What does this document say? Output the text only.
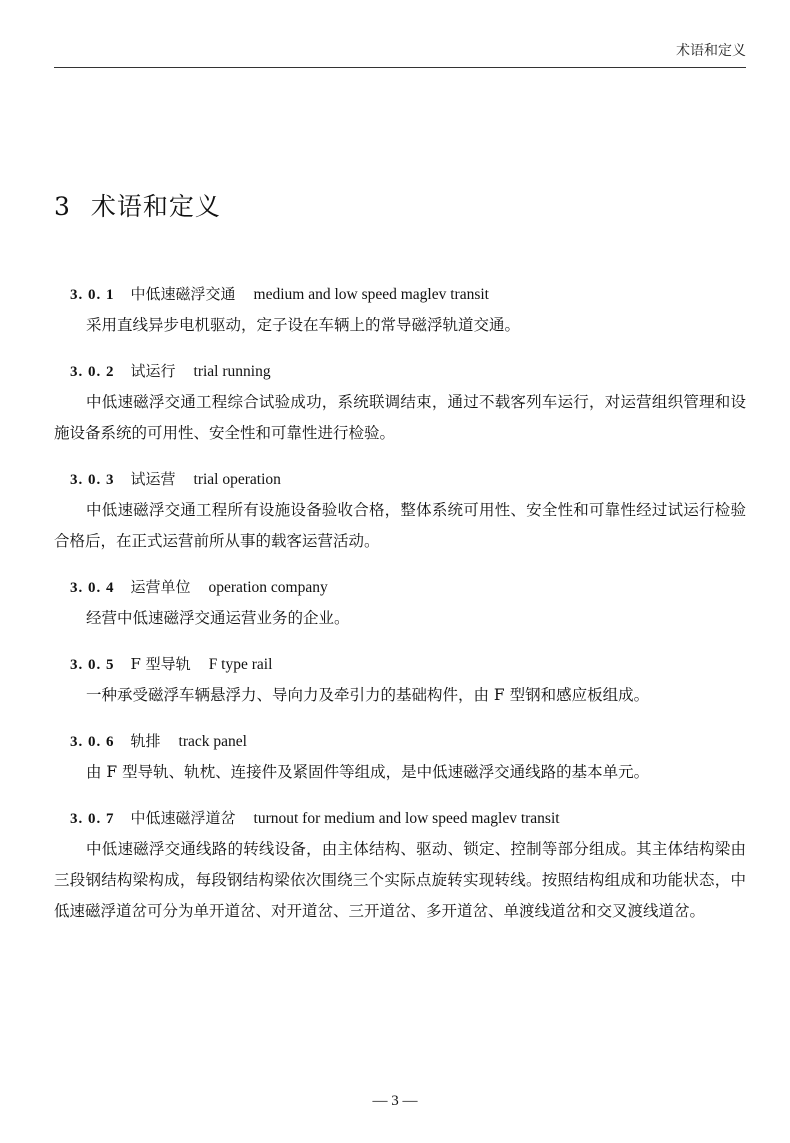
术语和定义
3 术语和定义
3. 0. 1 中低速磁浮交通 medium and low speed maglev transit

采用直线异步电机驱动，定子设在车辆上的常导磁浮轨道交通。

3. 0. 2 试运行 trial running

中低速磁浮交通工程综合试验成功，系统联调结束，通过不载客列车运行，对运营组织管理和设施设备系统的可用性、安全性和可靠性进行检验。

3. 0. 3 试运营 trial operation

中低速磁浮交通工程所有设施设备验收合格，整体系统可用性、安全性和可靠性经过试运行检验合格后，在正式运营前所从事的载客运营活动。

3. 0. 4 运营单位 operation company

经营中低速磁浮交通运营业务的企业。

3. 0. 5 F 型导轨 F type rail

一种承受磁浮车辆悬浮力、导向力及牵引力的基础构件，由 F 型钢和感应板组成。

3. 0. 6 轨排 track panel

由 F 型导轨、轨枕、连接件及紧固件等组成，是中低速磁浮交通线路的基本单元。

3. 0. 7 中低速磁浮道岔 turnout for medium and low speed maglev transit

中低速磁浮交通线路的转线设备，由主体结构、驱动、锁定、控制等部分组成。其主体结构梁由三段钢结构梁构成，每段钢结构梁依次围绕三个实际点旋转实现转线。按照结构组成和功能状态，中低速磁浮道岔可分为单开道岔、对开道岔、三开道岔、多开道岔、单渡线道岔和交叉渡线道岔。

— 3 —
